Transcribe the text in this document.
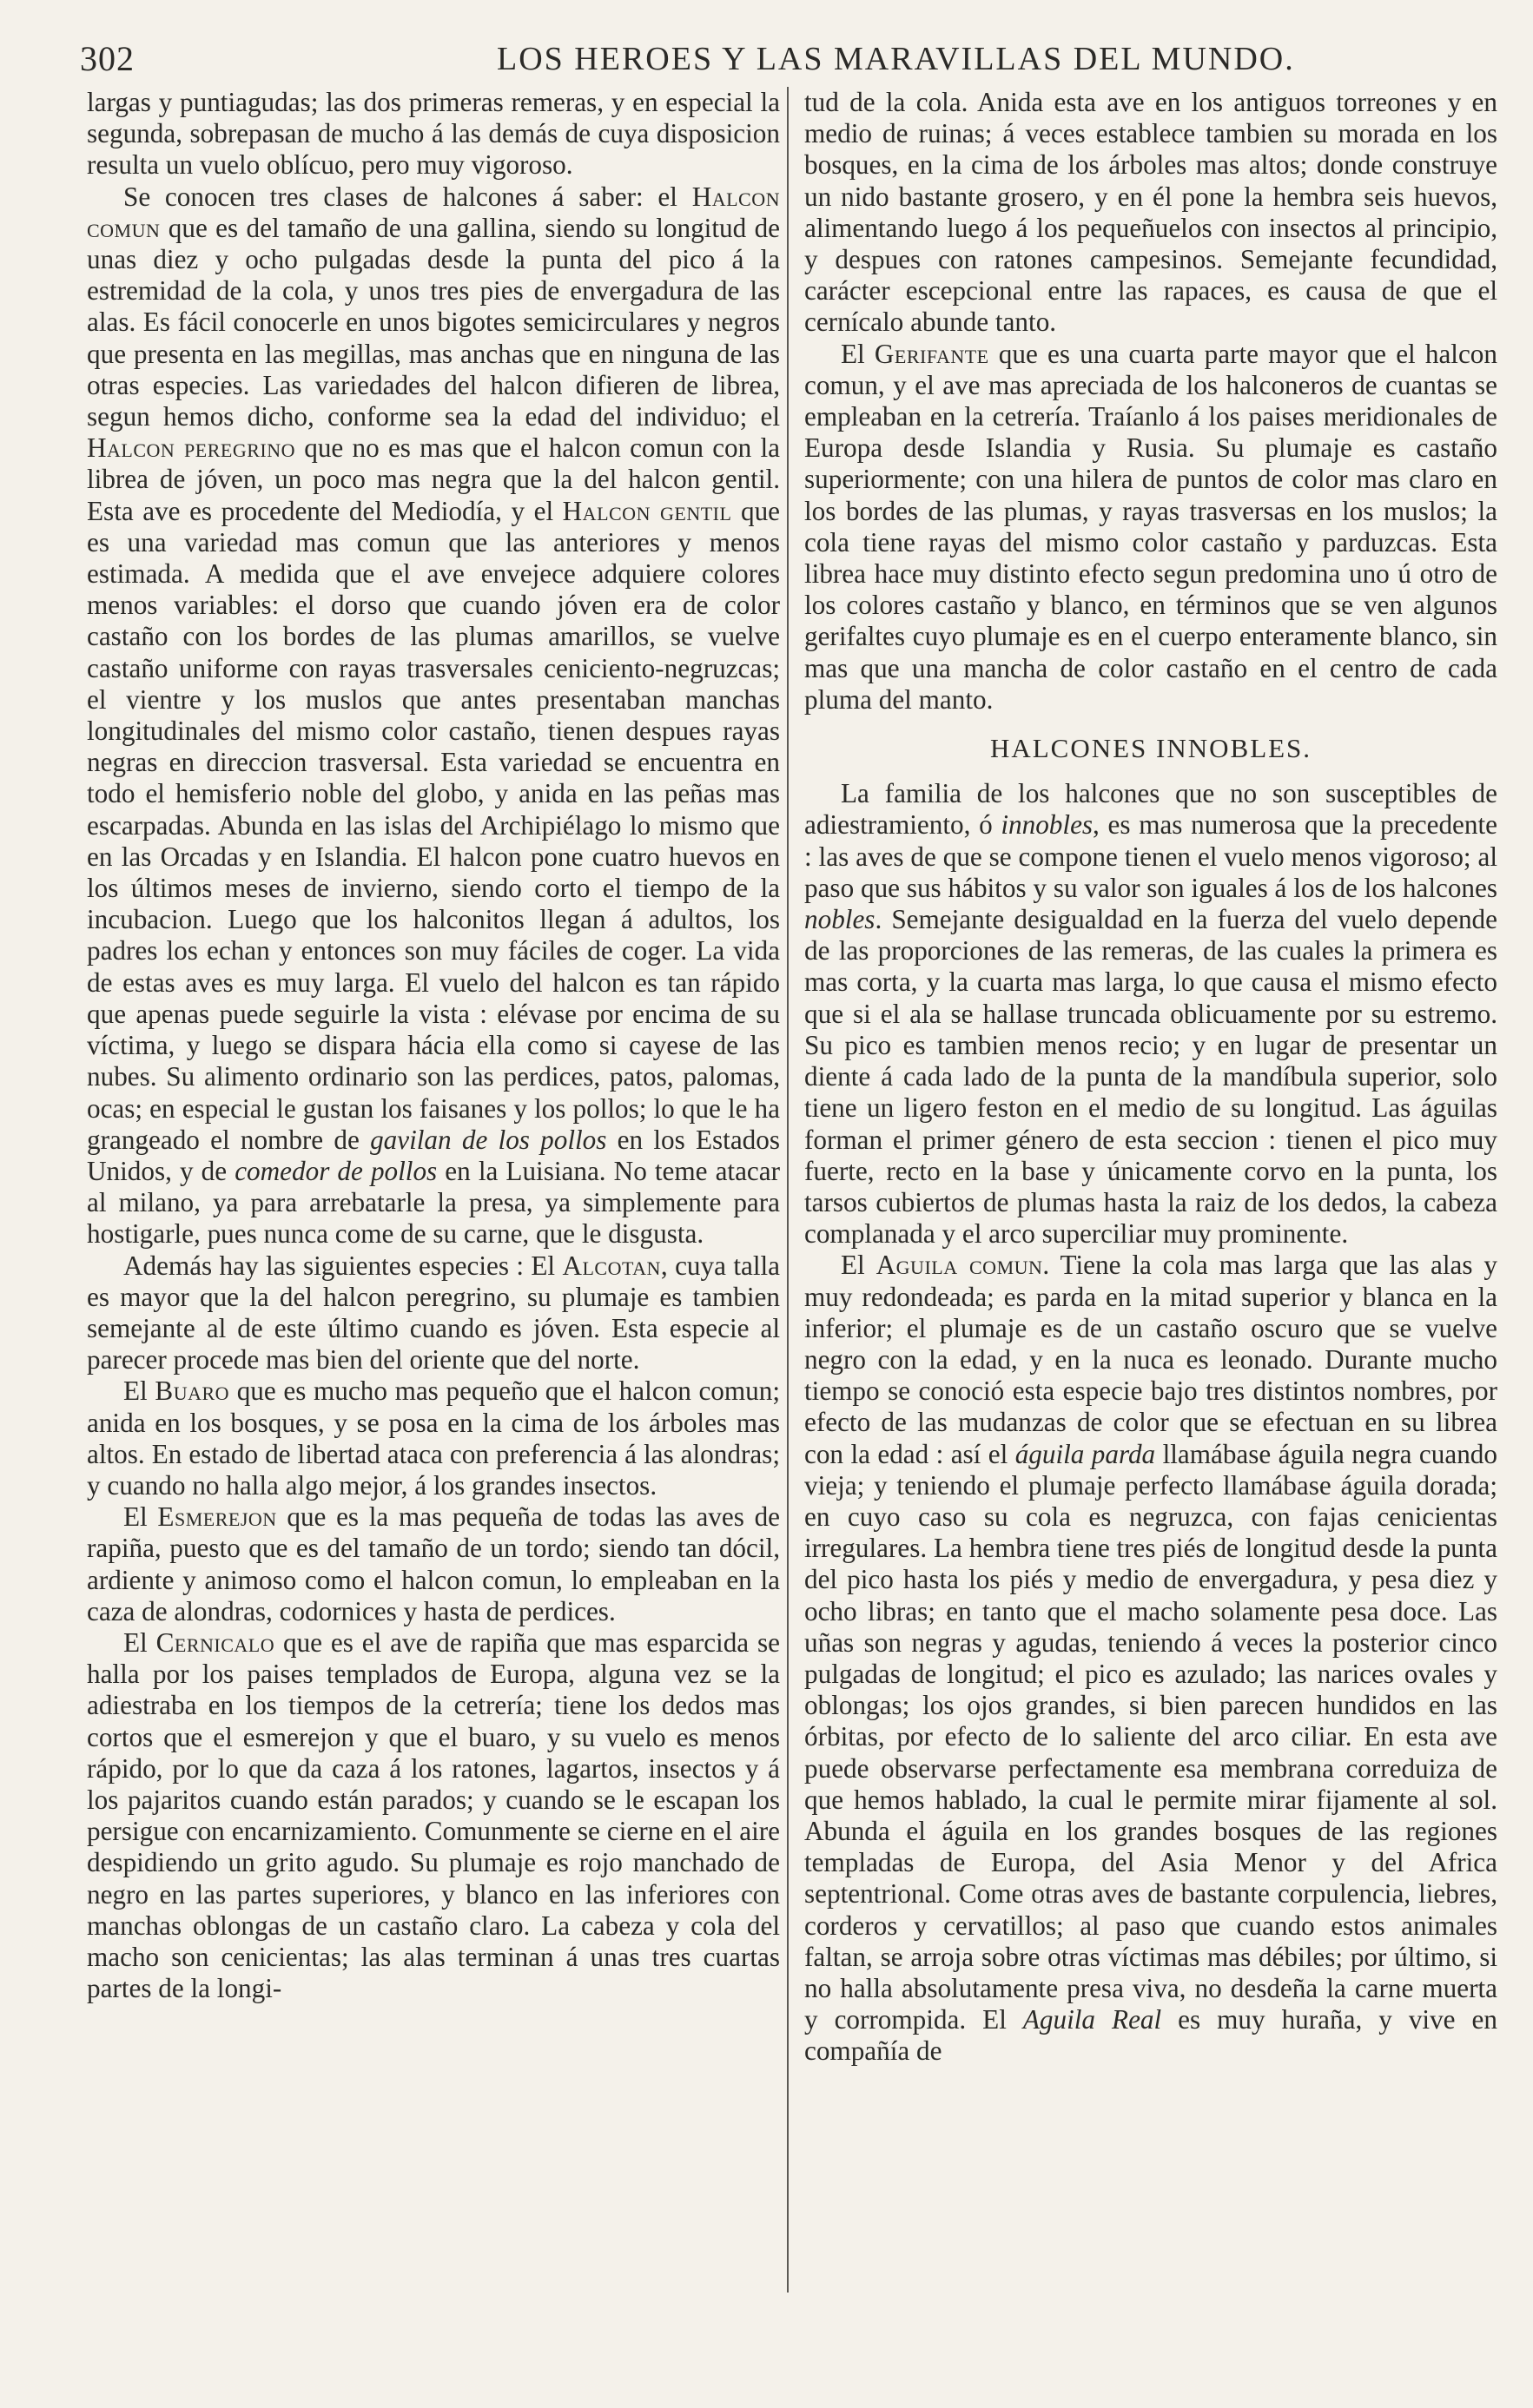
302	LOS HEROES Y LAS MARAVILLAS DEL MUNDO.

largas y puntiagudas; las dos primeras remeras, y en especial la segunda, sobrepasan de mucho á las demás de cuya disposicion resulta un vuelo oblícuo, pero muy vigoroso.

Se conocen tres clases de halcones á saber: el Halcon comun que es del tamaño de una gallina, siendo su longitud de unas diez y ocho pulgadas desde la punta del pico á la estremidad de la cola, y unos tres pies de envergadura de las alas. Es fácil conocerle en unos bigotes semicirculares y negros que presenta en las megillas, mas anchas que en ninguna de las otras especies. Las variedades del halcon difieren de librea, segun hemos dicho, conforme sea la edad del individuo; el Halcon peregrino que no es mas que el halcon comun con la librea de jóven, un poco mas negra que la del halcon gentil. Esta ave es procedente del Mediodía, y el Halcon gentil que es una variedad mas comun que las anteriores y menos estimada. A medida que el ave envejece adquiere colores menos variables: el dorso que cuando jóven era de color castaño con los bordes de las plumas amarillos, se vuelve castaño uniforme con rayas trasversales ceniciento-negruzcas; el vientre y los muslos que antes presentaban manchas longitudinales del mismo color castaño, tienen despues rayas negras en direccion trasversal. Esta variedad se encuentra en todo el hemisferio noble del globo, y anida en las peñas mas escarpadas. Abunda en las islas del Archipiélago lo mismo que en las Orcadas y en Islandia. El halcon pone cuatro huevos en los últimos meses de invierno, siendo corto el tiempo de la incubacion. Luego que los halconitos llegan á adultos, los padres los echan y entonces son muy fáciles de coger. La vida de estas aves es muy larga. El vuelo del halcon es tan rápido que apenas puede seguirle la vista : elévase por encima de su víctima, y luego se dispara hácia ella como si cayese de las nubes. Su alimento ordinario son las perdices, patos, palomas, ocas; en especial le gustan los faisanes y los pollos; lo que le ha grangeado el nombre de gavilan de los pollos en los Estados Unidos, y de comedor de pollos en la Luisiana. No teme atacar al milano, ya para arrebatarle la presa, ya simplemente para hostigarle, pues nunca come de su carne, que le disgusta.

Además hay las siguientes especies : El Alcotan, cuya talla es mayor que la del halcon peregrino, su plumaje es tambien semejante al de este último cuando es jóven. Esta especie al parecer procede mas bien del oriente que del norte.

El Buaro que es mucho mas pequeño que el halcon comun; anida en los bosques, y se posa en la cima de los árboles mas altos. En estado de libertad ataca con preferencia á las alondras; y cuando no halla algo mejor, á los grandes insectos.

El Esmerejon que es la mas pequeña de todas las aves de rapiña, puesto que es del tamaño de un tordo; siendo tan dócil, ardiente y animoso como el halcon comun, lo empleaban en la caza de alondras, codornices y hasta de perdices.

El Cernicalo que es el ave de rapiña que mas esparcida se halla por los paises templados de Europa, alguna vez se la adiestraba en los tiempos de la cetrería; tiene los dedos mas cortos que el esmerejon y que el buaro, y su vuelo es menos rápido, por lo que da caza á los ratones, lagartos, insectos y á los pajaritos cuando están parados; y cuando se le escapan los persigue con encarnizamiento. Comunmente se cierne en el aire despidiendo un grito agudo. Su plumaje es rojo manchado de negro en las partes superiores, y blanco en las inferiores con manchas oblongas de un castaño claro. La cabeza y cola del macho son cenicientas; las alas terminan á unas tres cuartas partes de la longi-

tud de la cola. Anida esta ave en los antiguos torreones y en medio de ruinas; á veces establece tambien su morada en los bosques, en la cima de los árboles mas altos; donde construye un nido bastante grosero, y en él pone la hembra seis huevos, alimentando luego á los pequeñuelos con insectos al principio, y despues con ratones campesinos. Semejante fecundidad, carácter escepcional entre las rapaces, es causa de que el cernícalo abunde tanto.

El Gerifante que es una cuarta parte mayor que el halcon comun, y el ave mas apreciada de los halconeros de cuantas se empleaban en la cetrería. Traíanlo á los paises meridionales de Europa desde Islandia y Rusia. Su plumaje es castaño superiormente; con una hilera de puntos de color mas claro en los bordes de las plumas, y rayas trasversas en los muslos; la cola tiene rayas del mismo color castaño y parduzcas. Esta librea hace muy distinto efecto segun predomina uno ú otro de los colores castaño y blanco, en términos que se ven algunos gerifaltes cuyo plumaje es en el cuerpo enteramente blanco, sin mas que una mancha de color castaño en el centro de cada pluma del manto.

HALCONES INNOBLES.

La familia de los halcones que no son susceptibles de adiestramiento, ó innobles, es mas numerosa que la precedente : las aves de que se compone tienen el vuelo menos vigoroso; al paso que sus hábitos y su valor son iguales á los de los halcones nobles. Semejante desigualdad en la fuerza del vuelo depende de las proporciones de las remeras, de las cuales la primera es mas corta, y la cuarta mas larga, lo que causa el mismo efecto que si el ala se hallase truncada oblicuamente por su estremo. Su pico es tambien menos recio; y en lugar de presentar un diente á cada lado de la punta de la mandíbula superior, solo tiene un ligero feston en el medio de su longitud. Las águilas forman el primer género de esta seccion : tienen el pico muy fuerte, recto en la base y únicamente corvo en la punta, los tarsos cubiertos de plumas hasta la raiz de los dedos, la cabeza complanada y el arco superciliar muy prominente.

El Aguila comun. Tiene la cola mas larga que las alas y muy redondeada; es parda en la mitad superior y blanca en la inferior; el plumaje es de un castaño oscuro que se vuelve negro con la edad, y en la nuca es leonado. Durante mucho tiempo se conoció esta especie bajo tres distintos nombres, por efecto de las mudanzas de color que se efectuan en su librea con la edad : así el águila parda llamábase águila negra cuando vieja; y teniendo el plumaje perfecto llamábase águila dorada; en cuyo caso su cola es negruzca, con fajas cenicientas irregulares. La hembra tiene tres piés de longitud desde la punta del pico hasta los piés y medio de envergadura, y pesa diez y ocho libras; en tanto que el macho solamente pesa doce. Las uñas son negras y agudas, teniendo á veces la posterior cinco pulgadas de longitud; el pico es azulado; las narices ovales y oblongas; los ojos grandes, si bien parecen hundidos en las órbitas, por efecto de lo saliente del arco ciliar. En esta ave puede observarse perfectamente esa membrana correduiza de que hemos hablado, la cual le permite mirar fijamente al sol. Abunda el águila en los grandes bosques de las regiones templadas de Europa, del Asia Menor y del Africa septentrional. Come otras aves de bastante corpulencia, liebres, corderos y cervatillos; al paso que cuando estos animales faltan, se arroja sobre otras víctimas mas débiles; por último, si no halla absolutamente presa viva, no desdeña la carne muerta y corrompida. El Aguila Real es muy huraña, y vive en compañía de
